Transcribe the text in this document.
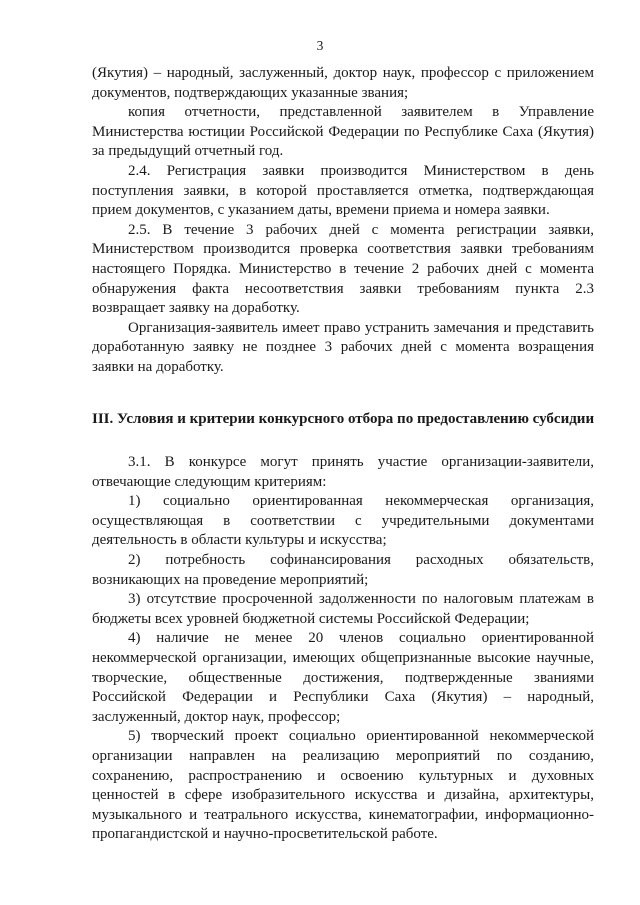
3

(Якутия) – народный, заслуженный, доктор наук, профессор с приложением документов, подтверждающих указанные звания;

копия отчетности, представленной заявителем в Управление Министерства юстиции Российской Федерации по Республике Саха (Якутия) за предыдущий отчетный год.

2.4. Регистрация заявки производится Министерством в день поступления заявки, в которой проставляется отметка, подтверждающая прием документов, с указанием даты, времени приема и номера заявки.

2.5. В течение 3 рабочих дней с момента регистрации заявки, Министерством производится проверка соответствия заявки требованиям настоящего Порядка. Министерство в течение 2 рабочих дней с момента обнаружения факта несоответствия заявки требованиям пункта 2.3 возвращает заявку на доработку.

Организация-заявитель имеет право устранить замечания и представить доработанную заявку не позднее 3 рабочих дней с момента возращения заявки на доработку.

III. Условия и критерии конкурсного отбора по предоставлению субсидии

3.1. В конкурсе могут принять участие организации-заявители, отвечающие следующим критериям:

1) социально ориентированная некоммерческая организация, осуществляющая в соответствии с учредительными документами деятельность в области культуры и искусства;

2) потребность софинансирования расходных обязательств, возникающих на проведение мероприятий;

3) отсутствие просроченной задолженности по налоговым платежам в бюджеты всех уровней бюджетной системы Российской Федерации;

4) наличие не менее 20 членов социально ориентированной некоммерческой организации, имеющих общепризнанные высокие научные, творческие, общественные достижения, подтвержденные званиями Российской Федерации и Республики Саха (Якутия) – народный, заслуженный, доктор наук, профессор;

5) творческий проект социально ориентированной некоммерческой организации направлен на реализацию мероприятий по созданию, сохранению, распространению и освоению культурных и духовных ценностей в сфере изобразительного искусства и дизайна, архитектуры, музыкального и театрального искусства, кинематографии, информационно-пропагандистской и научно-просветительской работе.
